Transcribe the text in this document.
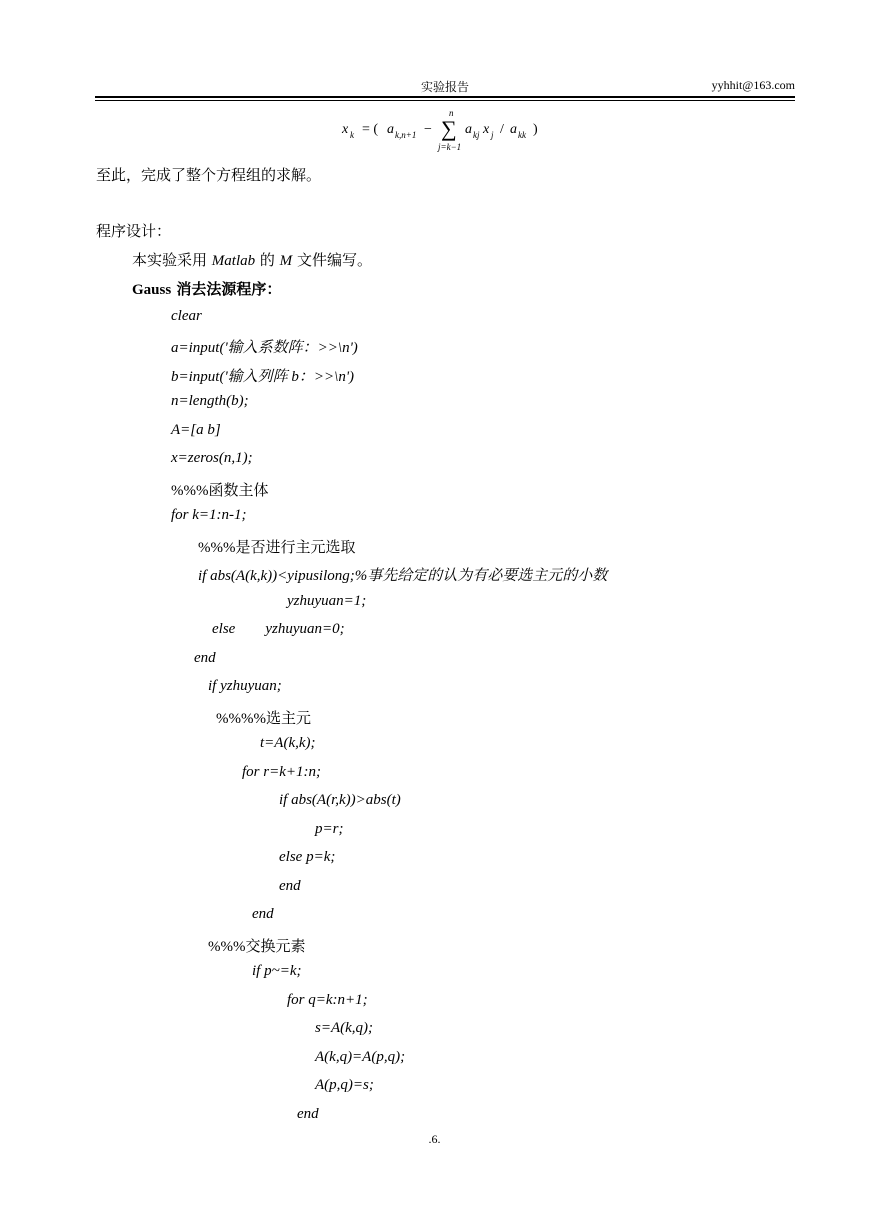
实验报告	yyhhit@163.com
x k = ( a k,n+1 −
n
∑
j=k−1
a kj x j / a kk )
至此，完成了整个方程组的求解。
程序设计：
本实验采用 Matlab 的 M 文件编写。
Gauss 消去法源程序：
clear
a=input('输入系数阵：>>\n')
b=input('输入列阵 b：>>\n')
n=length(b);
A=[a b]
x=zeros(n,1);
%%%函数主体
for k=1:n-1;
%%%是否进行主元选取
if abs(A(k,k))<yipusilong;%事先给定的认为有必要选主元的小数
yzhuyuan=1;
else        yzhuyuan=0;
end
if yzhuyuan;
%%%%选主元
t=A(k,k);
for r=k+1:n;
if abs(A(r,k))>abs(t)
p=r;
else p=k;
end
end
%%%交换元素
if p~=k;
for q=k:n+1;
s=A(k,q);
A(k,q)=A(p,q);
A(p,q)=s;
end
.6.
